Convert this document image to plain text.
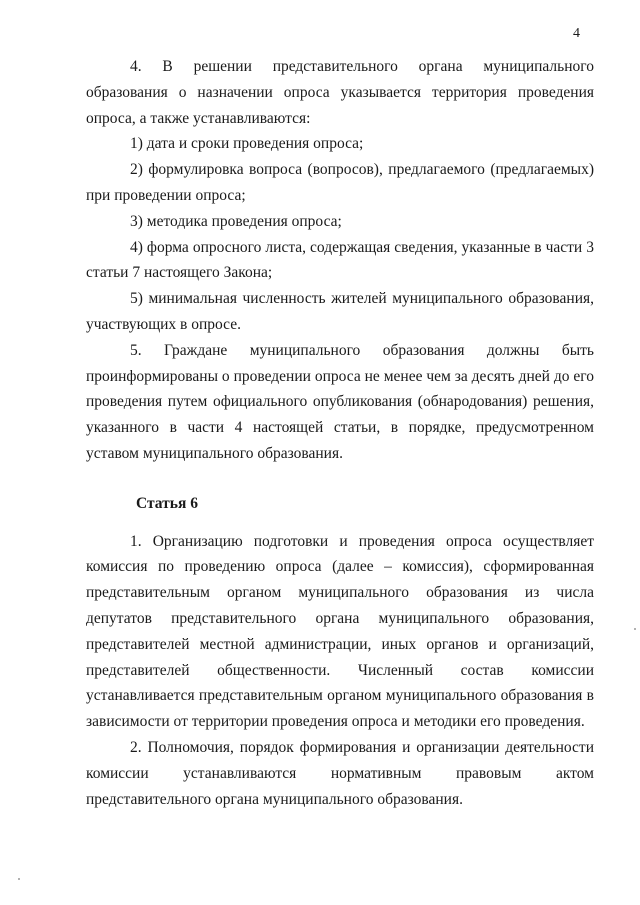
4

4. В решении представительного органа муниципального образования о назначении опроса указывается территория проведения опроса, а также устанавливаются:

1) дата и сроки проведения опроса;

2) формулировка вопроса (вопросов), предлагаемого (предлагаемых) при проведении опроса;

3) методика проведения опроса;

4) форма опросного листа, содержащая сведения, указанные в части 3 статьи 7 настоящего Закона;

5) минимальная численность жителей муниципального образования, участвующих в опросе.

5. Граждане муниципального образования должны быть проинформированы о проведении опроса не менее чем за десять дней до его проведения путем официального опубликования (обнародования) решения, указанного в части 4 настоящей статьи, в порядке, предусмотренном уставом муниципального образования.

Статья 6

1. Организацию подготовки и проведения опроса осуществляет комиссия по проведению опроса (далее – комиссия), сформированная представительным органом муниципального образования из числа депутатов представительного органа муниципального образования, представителей местной администрации, иных органов и организаций, представителей общественности. Численный состав комиссии устанавливается представительным органом муниципального образования в зависимости от территории проведения опроса и методики его проведения.

2. Полномочия, порядок формирования и организации деятельности комиссии устанавливаются нормативным правовым актом представительного органа муниципального образования.
